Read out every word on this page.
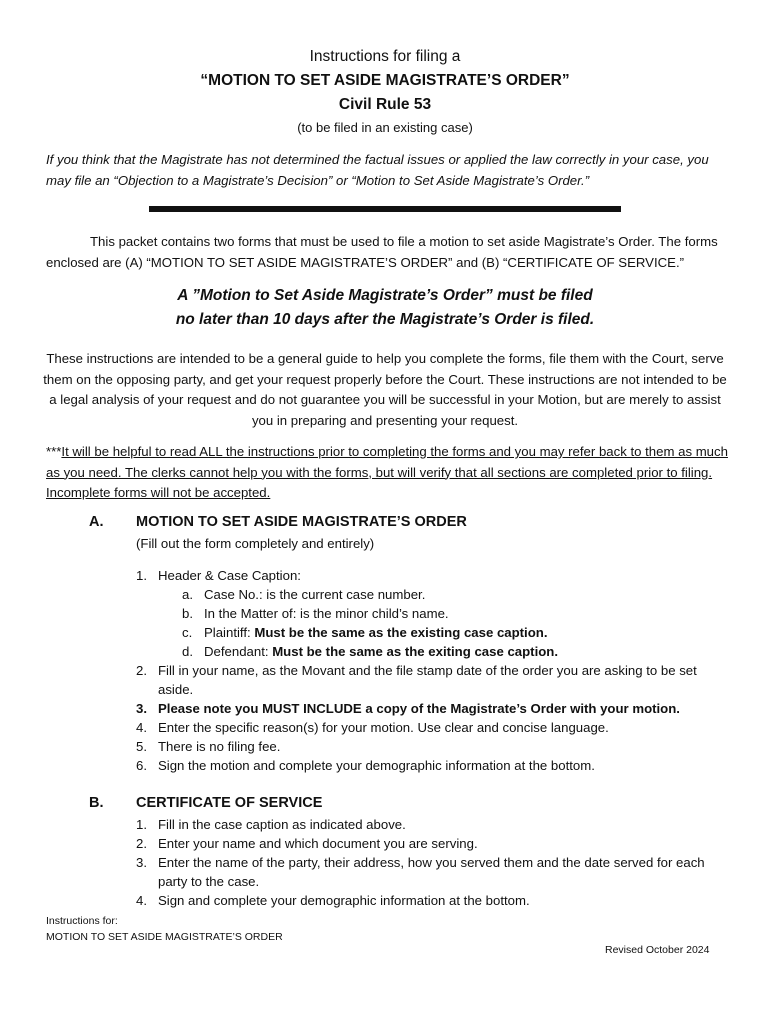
Instructions for filing a
“MOTION TO SET ASIDE MAGISTRATE’S ORDER”
Civil Rule 53
(to be filed in an existing case)
If you think that the Magistrate has not determined the factual issues or applied the law correctly in your case, you may file an “Objection to a Magistrate’s Decision” or “Motion to Set Aside Magistrate’s Order.”
This packet contains two forms that must be used to file a motion to set aside Magistrate’s Order. The forms enclosed are (A) “MOTION TO SET ASIDE MAGISTRATE’S ORDER” and (B) “CERTIFICATE OF SERVICE.”
A ”Motion to Set Aside Magistrate’s Order” must be filed
no later than 10 days after the Magistrate’s Order is filed.
These instructions are intended to be a general guide to help you complete the forms, file them with the Court, serve them on the opposing party, and get your request properly before the Court. These instructions are not intended to be a legal analysis of your request and do not guarantee you will be successful in your Motion, but are merely to assist you in preparing and presenting your request.
***It will be helpful to read ALL the instructions prior to completing the forms and you may refer back to them as much as you need. The clerks cannot help you with the forms, but will verify that all sections are completed prior to filing. Incomplete forms will not be accepted.
A. MOTION TO SET ASIDE MAGISTRATE’S ORDER
(Fill out the form completely and entirely)
1. Header & Case Caption:
a. Case No.: is the current case number.
b. In the Matter of: is the minor child’s name.
c. Plaintiff: Must be the same as the existing case caption.
d. Defendant: Must be the same as the exiting case caption.
2. Fill in your name, as the Movant and the file stamp date of the order you are asking to be set aside.
3. Please note you MUST INCLUDE a copy of the Magistrate’s Order with your motion.
4. Enter the specific reason(s) for your motion. Use clear and concise language.
5. There is no filing fee.
6. Sign the motion and complete your demographic information at the bottom.
B. CERTIFICATE OF SERVICE
1. Fill in the case caption as indicated above.
2. Enter your name and which document you are serving.
3. Enter the name of the party, their address, how you served them and the date served for each party to the case.
4. Sign and complete your demographic information at the bottom.
Instructions for:
MOTION TO SET ASIDE MAGISTRATE’S ORDER
Revised October 2024
